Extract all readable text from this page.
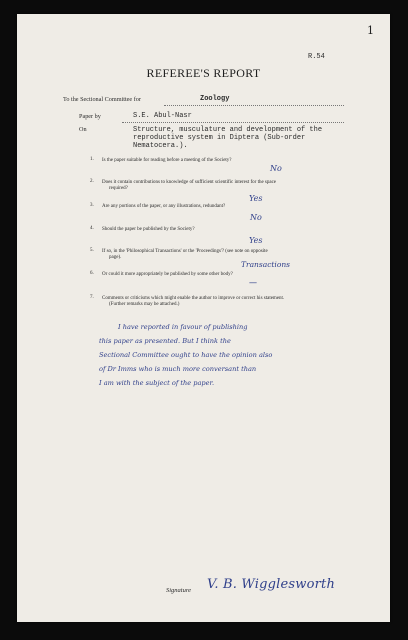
1
R.54
REFEREE'S REPORT
To the Sectional Committee for	Zoology
Paper by	S.E. Abul-Nasr
On	Structure, musculature and development of the
reproductive system in Diptera (Sub-order
Nematocera.).
1. Is the paper suitable for reading before a meeting of the Society?
No
2. Does it contain contributions to knowledge of sufficient scientific interest for the space
required?
Yes
3. Are any portions of the paper, or any illustrations, redundant?
No
4. Should the paper be published by the Society?
Yes
5. If so, in the 'Philosophical Transactions' or the 'Proceedings'? (see note on opposite
page).
Transactions
6. Or could it more appropriately be published by some other body?
—
7. Comments or criticisms which might enable the author to improve or correct his statement.
(Further remarks may be attached.)
I have reported in favour of publishing
this paper as presented. But I think the
Sectional Committee ought to have the opinion also
of Dr Imms who is much more conversant than
I am with the subject of the paper.
Signature V. B. Wigglesworth
